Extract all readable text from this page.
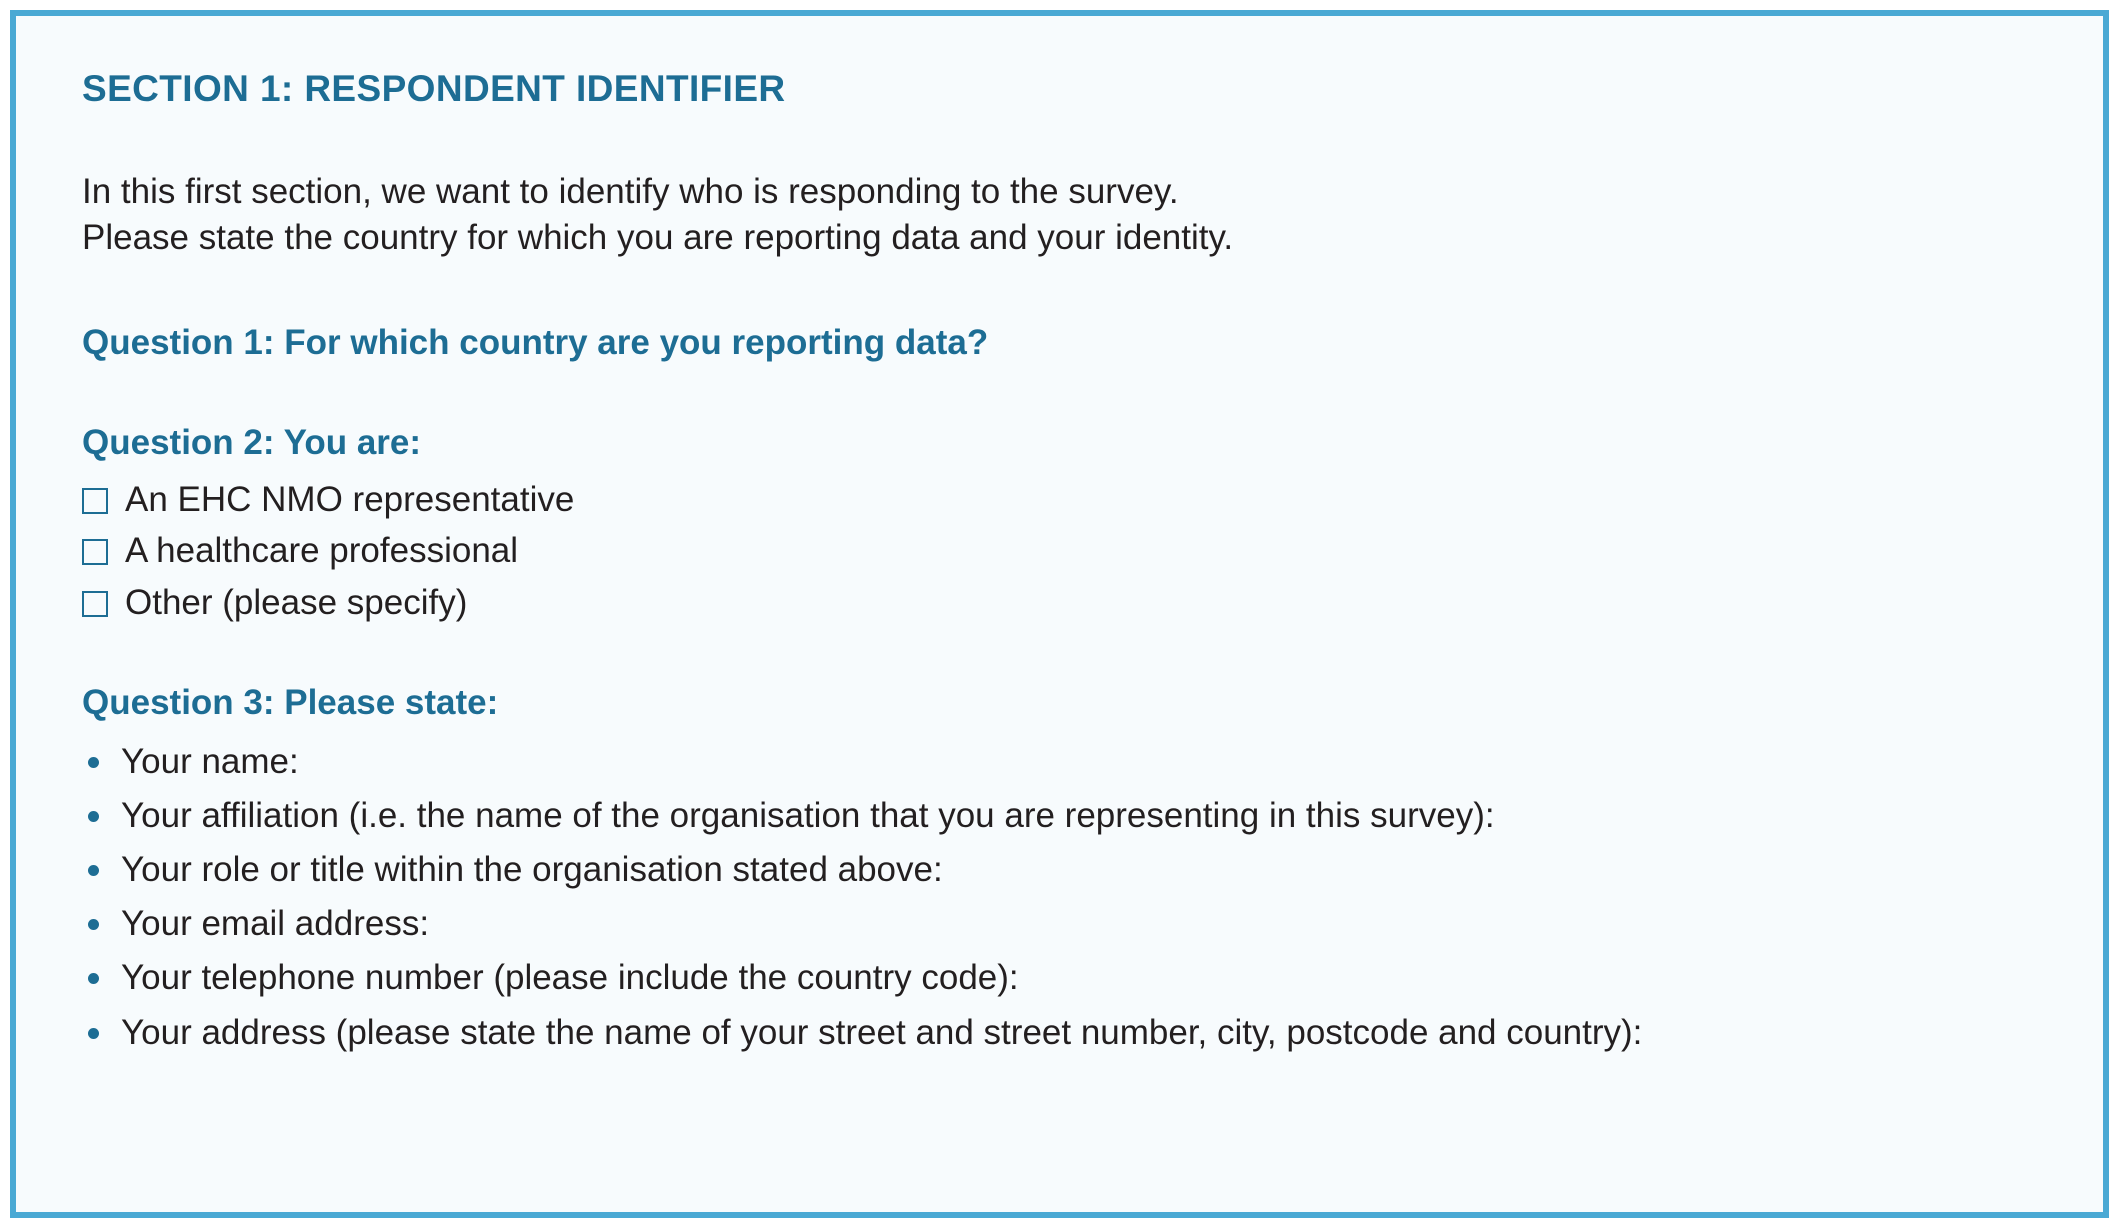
SECTION 1: RESPONDENT IDENTIFIER
In this first section, we want to identify who is responding to the survey.
Please state the country for which you are reporting data and your identity.
Question 1: For which country are you reporting data?
Question 2: You are:
An EHC NMO representative
A healthcare professional
Other (please specify)
Question 3: Please state:
Your name:
Your affiliation (i.e. the name of the organisation that you are representing in this survey):
Your role or title within the organisation stated above:
Your email address:
Your telephone number (please include the country code):
Your address (please state the name of your street and street number, city, postcode and country):
